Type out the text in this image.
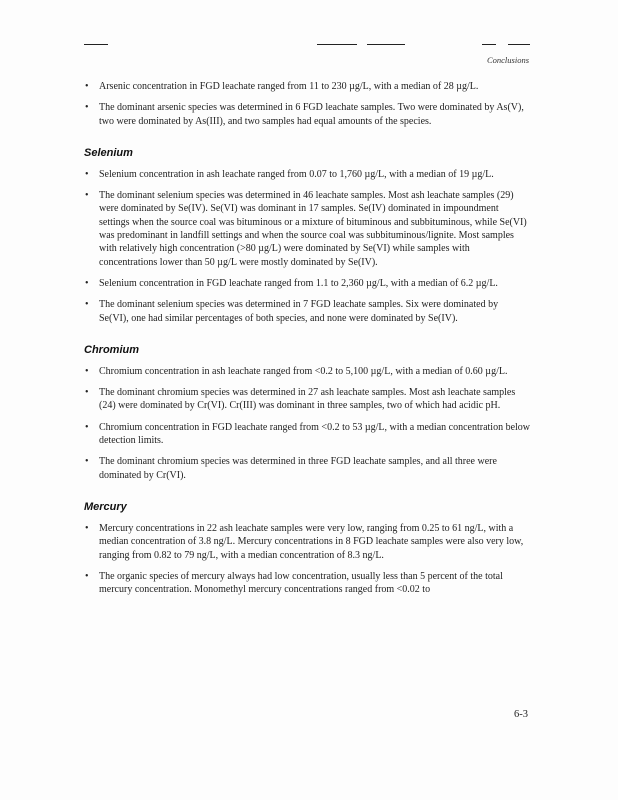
Conclusions
• Arsenic concentration in FGD leachate ranged from 11 to 230 µg/L, with a median of 28 µg/L.
• The dominant arsenic species was determined in 6 FGD leachate samples. Two were dominated by As(V), two were dominated by As(III), and two samples had equal amounts of the species.
Selenium
• Selenium concentration in ash leachate ranged from 0.07 to 1,760 µg/L, with a median of 19 µg/L.
• The dominant selenium species was determined in 46 leachate samples. Most ash leachate samples (29) were dominated by Se(IV). Se(VI) was dominant in 17 samples. Se(IV) dominated in impoundment settings when the source coal was bituminous or a mixture of bituminous and subbituminous, while Se(VI) was predominant in landfill settings and when the source coal was subbituminous/lignite. Most samples with relatively high concentration (>80 µg/L) were dominated by Se(VI) while samples with concentrations lower than 50 µg/L were mostly dominated by Se(IV).
• Selenium concentration in FGD leachate ranged from 1.1 to 2,360 µg/L, with a median of 6.2 µg/L.
• The dominant selenium species was determined in 7 FGD leachate samples. Six were dominated by Se(VI), one had similar percentages of both species, and none were dominated by Se(IV).
Chromium
• Chromium concentration in ash leachate ranged from <0.2 to 5,100 µg/L, with a median of 0.60 µg/L.
• The dominant chromium species was determined in 27 ash leachate samples. Most ash leachate samples (24) were dominated by Cr(VI). Cr(III) was dominant in three samples, two of which had acidic pH.
• Chromium concentration in FGD leachate ranged from <0.2 to 53 µg/L, with a median concentration below detection limits.
• The dominant chromium species was determined in three FGD leachate samples, and all three were dominated by Cr(VI).
Mercury
• Mercury concentrations in 22 ash leachate samples were very low, ranging from 0.25 to 61 ng/L, with a median concentration of 3.8 ng/L. Mercury concentrations in 8 FGD leachate samples were also very low, ranging from 0.82 to 79 ng/L, with a median concentration of 8.3 ng/L.
• The organic species of mercury always had low concentration, usually less than 5 percent of the total mercury concentration. Monomethyl mercury concentrations ranged from <0.02 to
6-3
